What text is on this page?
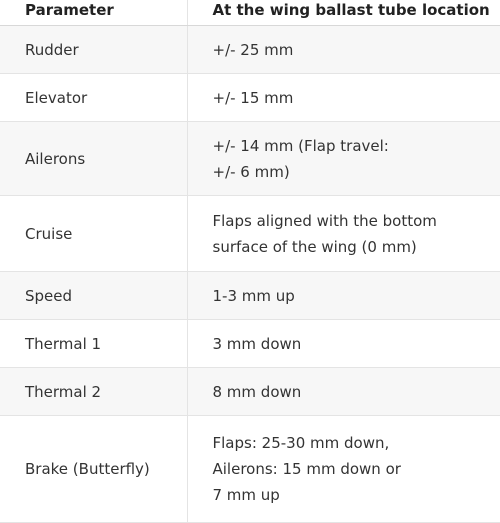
Parameter	At the wing ballast tube location
Rudder	+/- 25 mm

Elevator	+/- 15 mm

Ailerons	+/- 14 mm (Flap travel:
+/- 6 mm)

Cruise	Flaps aligned with the bottom
surface of the wing (0 mm)

Speed	1-3 mm up

Thermal 1	3 mm down

Thermal 2	8 mm down

Brake (Butterfly)	Flaps: 25-30 mm down,
Ailerons: 15 mm down or
7 mm up
